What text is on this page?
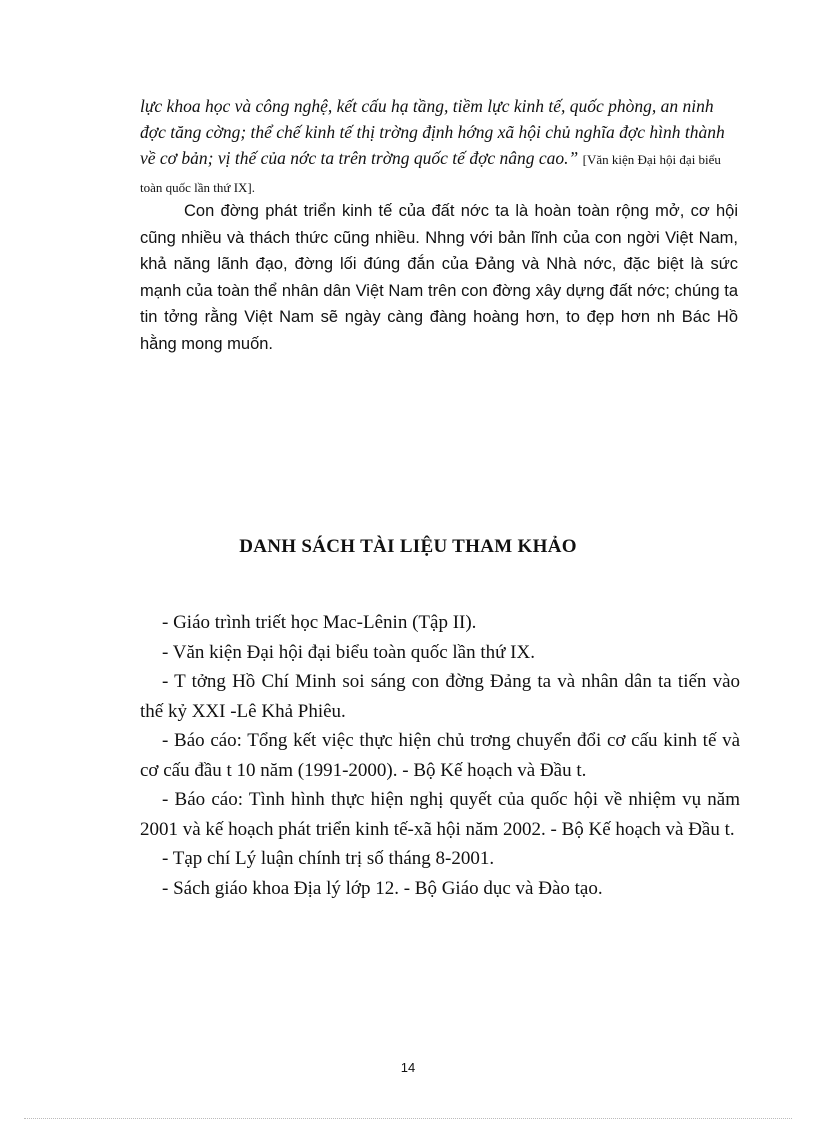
lực khoa học và công nghệ, kết cấu hạ tầng, tiềm lực kinh tế, quốc phòng, an ninh đợc tăng cờng; thể chế kinh tế thị trờng định hớng xã hội chủ nghĩa đợc hình thành về cơ bản; vị thế của nớc ta trên trờng quốc tế đợc nâng cao.” [Văn kiện Đại hội đại biểu toàn quốc lần thứ IX].

Con đờng phát triển kinh tế của đất nớc ta là hoàn toàn rộng mở, cơ hội cũng nhiều và thách thức cũng nhiều. Nhng với bản lĩnh của con ngời Việt Nam, khả năng lãnh đạo, đờng lối đúng đắn của Đảng và Nhà nớc, đặc biệt là sức mạnh của toàn thể nhân dân Việt Nam trên con đờng xây dựng đất nớc; chúng ta tin tởng rằng Việt Nam sẽ ngày càng đàng hoàng hơn, to đẹp hơn nh Bác Hồ hằng mong muốn.

DANH SÁCH TÀI LIỆU THAM KHẢO
- Giáo trình triết học Mac-Lênin (Tập II).
- Văn kiện Đại hội đại biểu toàn quốc lần thứ IX.
- T tởng Hồ Chí Minh soi sáng con đờng Đảng ta và nhân dân ta tiến vào thế kỷ XXI -Lê Khả Phiêu.
- Báo cáo: Tổng kết việc thực hiện chủ trơng chuyển đổi cơ cấu kinh tế và cơ cấu đầu t 10 năm (1991-2000). - Bộ Kế hoạch và Đầu t.
- Báo cáo: Tình hình thực hiện nghị quyết của quốc hội về nhiệm vụ năm 2001 và kế hoạch phát triển kinh tế-xã hội năm 2002. - Bộ Kế hoạch và Đầu t.
- Tạp chí Lý luận chính trị số tháng 8-2001.
- Sách giáo khoa Địa lý lớp 12. - Bộ Giáo dục và Đào tạo.
14
